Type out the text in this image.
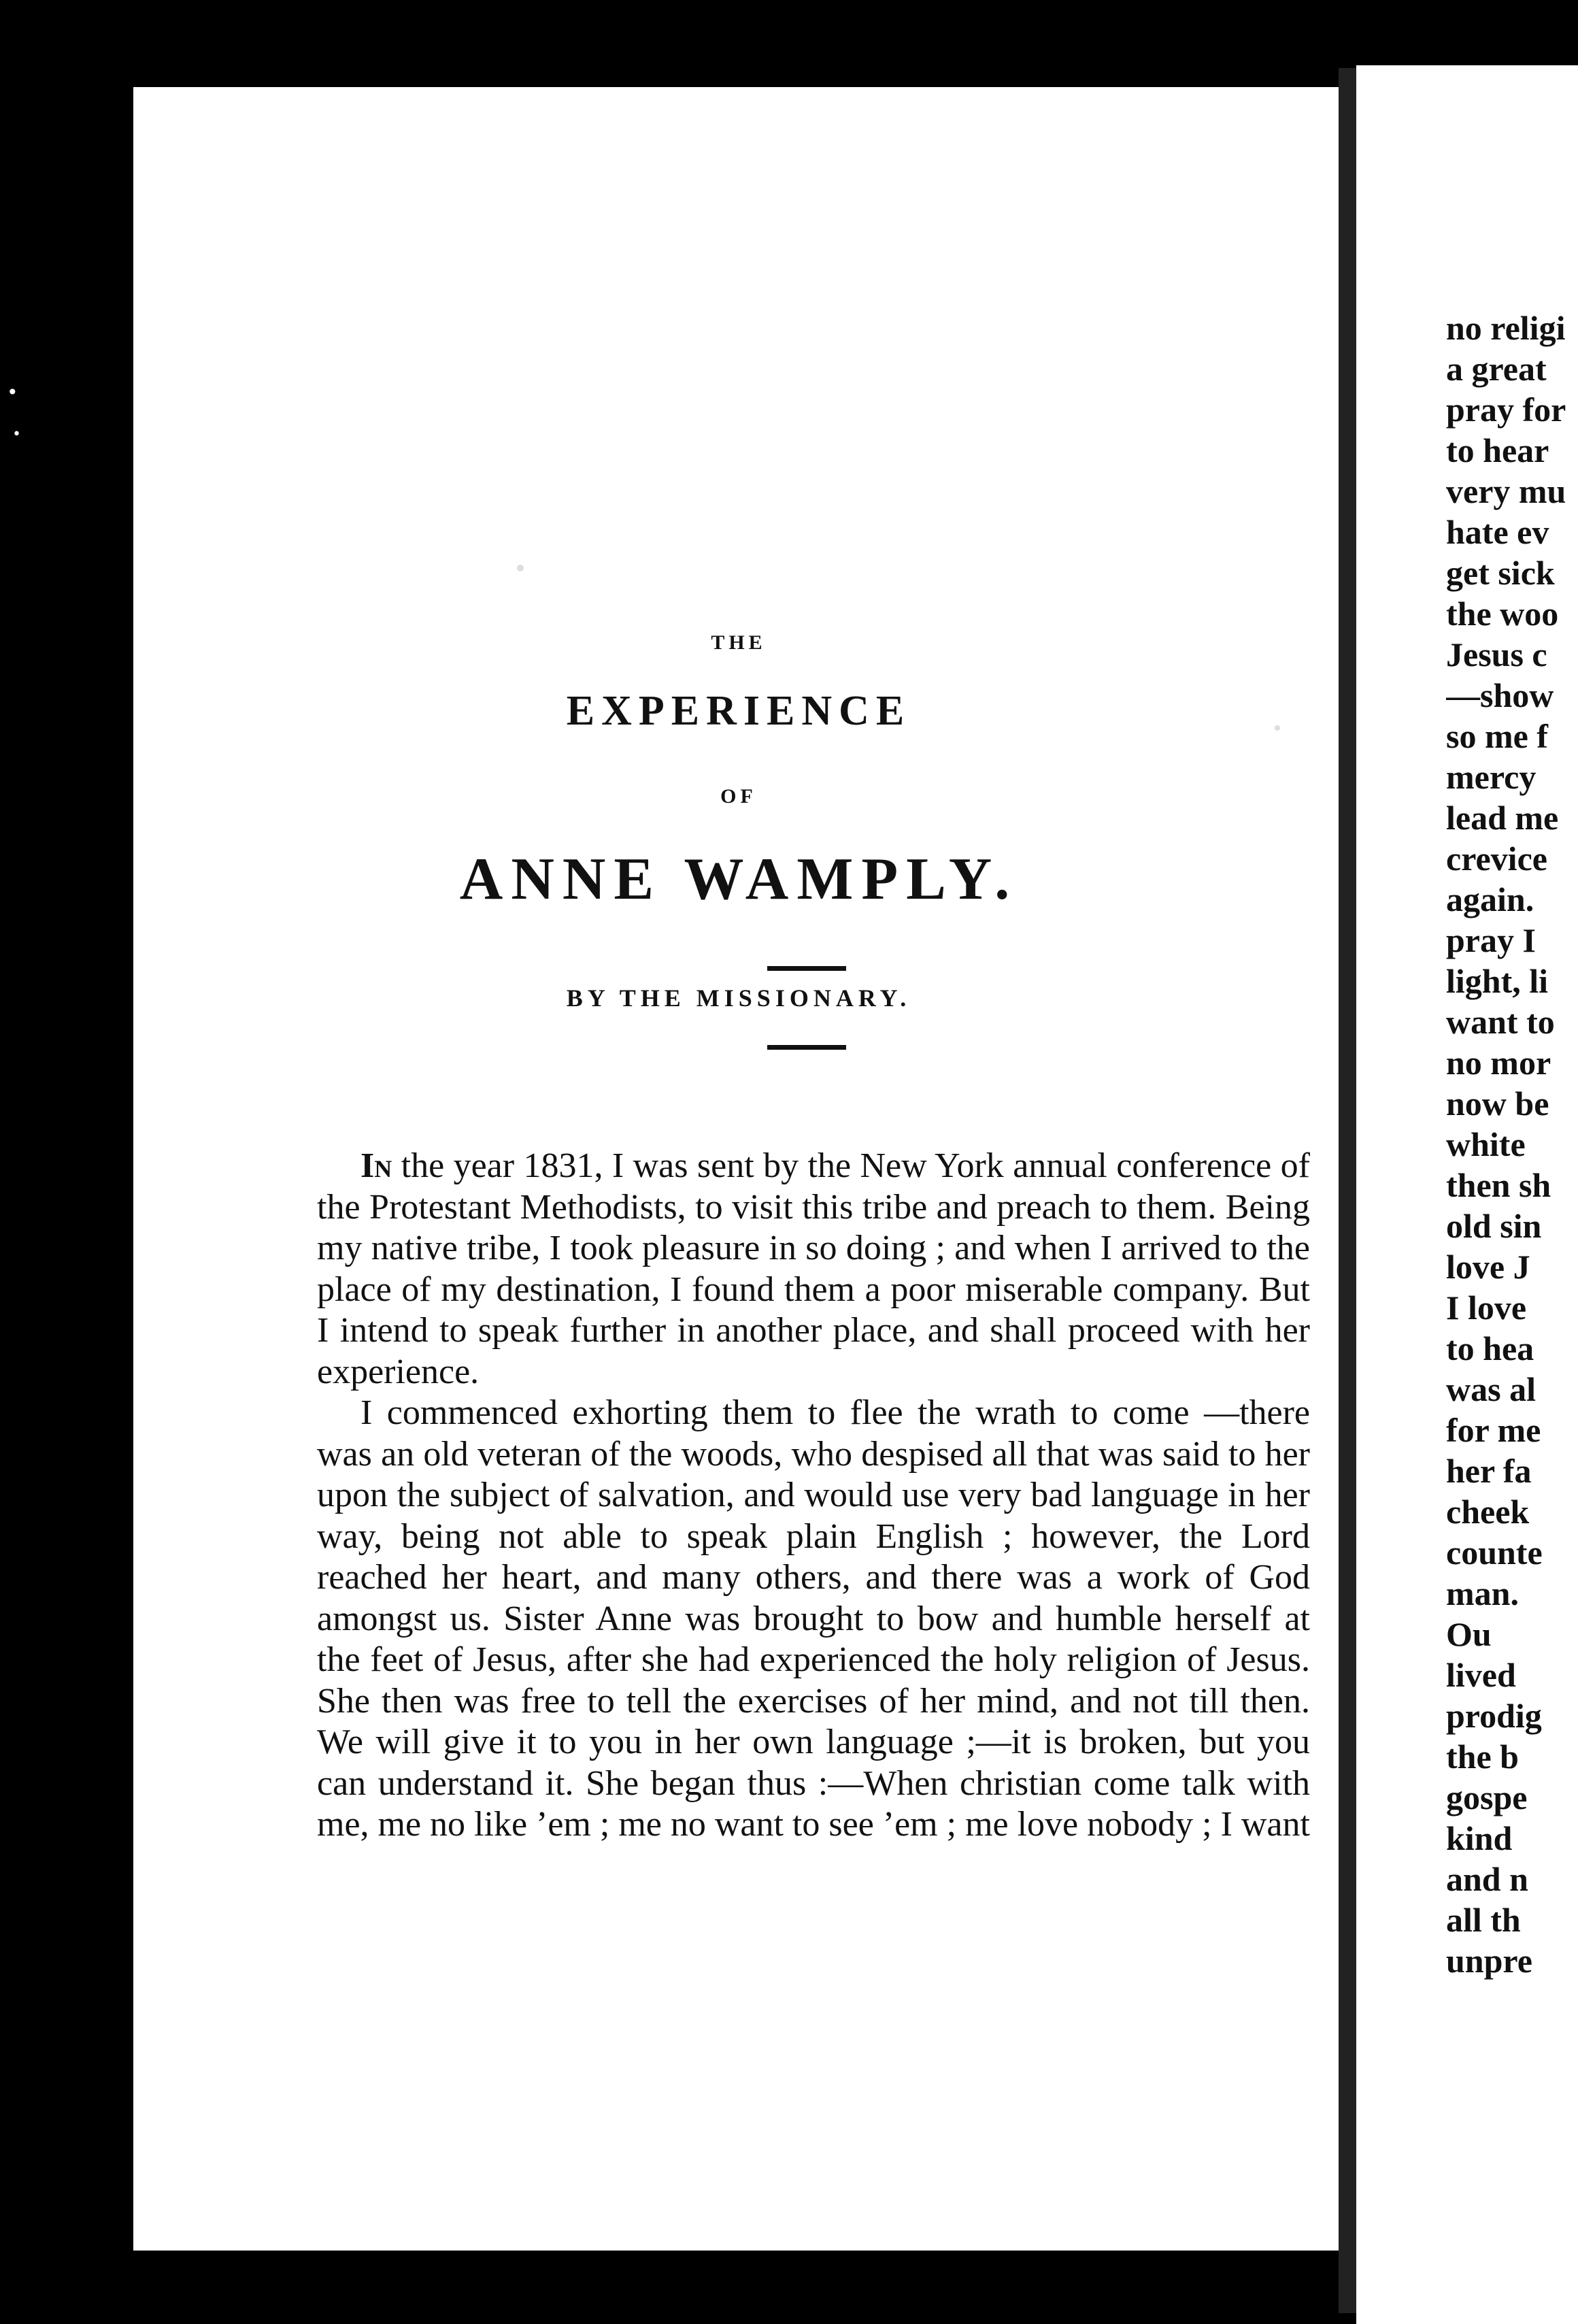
•
•
THE
EXPERIENCE
OF
ANNE WAMPLY.
BY THE MISSIONARY.

In the year 1831, I was sent by the New York annual conference of the Protestant Methodists, to visit this tribe and preach to them. Being my native tribe, I took pleasure in so doing ; and when I arrived to the place of my destination, I found them a poor miserable company. But I intend to speak further in another place, and shall proceed with her experience.

I commenced exhorting them to flee the wrath to come —there was an old veteran of the woods, who despised all that was said to her upon the subject of salvation, and would use very bad language in her way, being not able to speak plain English ; however, the Lord reached her heart, and many others, and there was a work of God amongst us. Sister Anne was brought to bow and humble herself at the feet of Jesus, after she had experienced the holy religion of Jesus. She then was free to tell the exercises of her mind, and not till then. We will give it to you in her own language ;—it is broken, but you can understand it. She began thus :—When christian come talk with me, me no like ’em ; me no want to see ’em ; me love nobody ; I want

no religi
a great
pray for
to hear
very mu
hate ev
get sick
the woo
Jesus c
—show
so me f
mercy
lead me
crevice
again.
pray I
light, li
want to
no mor
now be
white
then sh
old sin
love J
I love
to hea
was al
for me
her fa
cheek
counte
man.
Ou
lived
prodig
the b
gospe
kind
and n
all th
unpre
